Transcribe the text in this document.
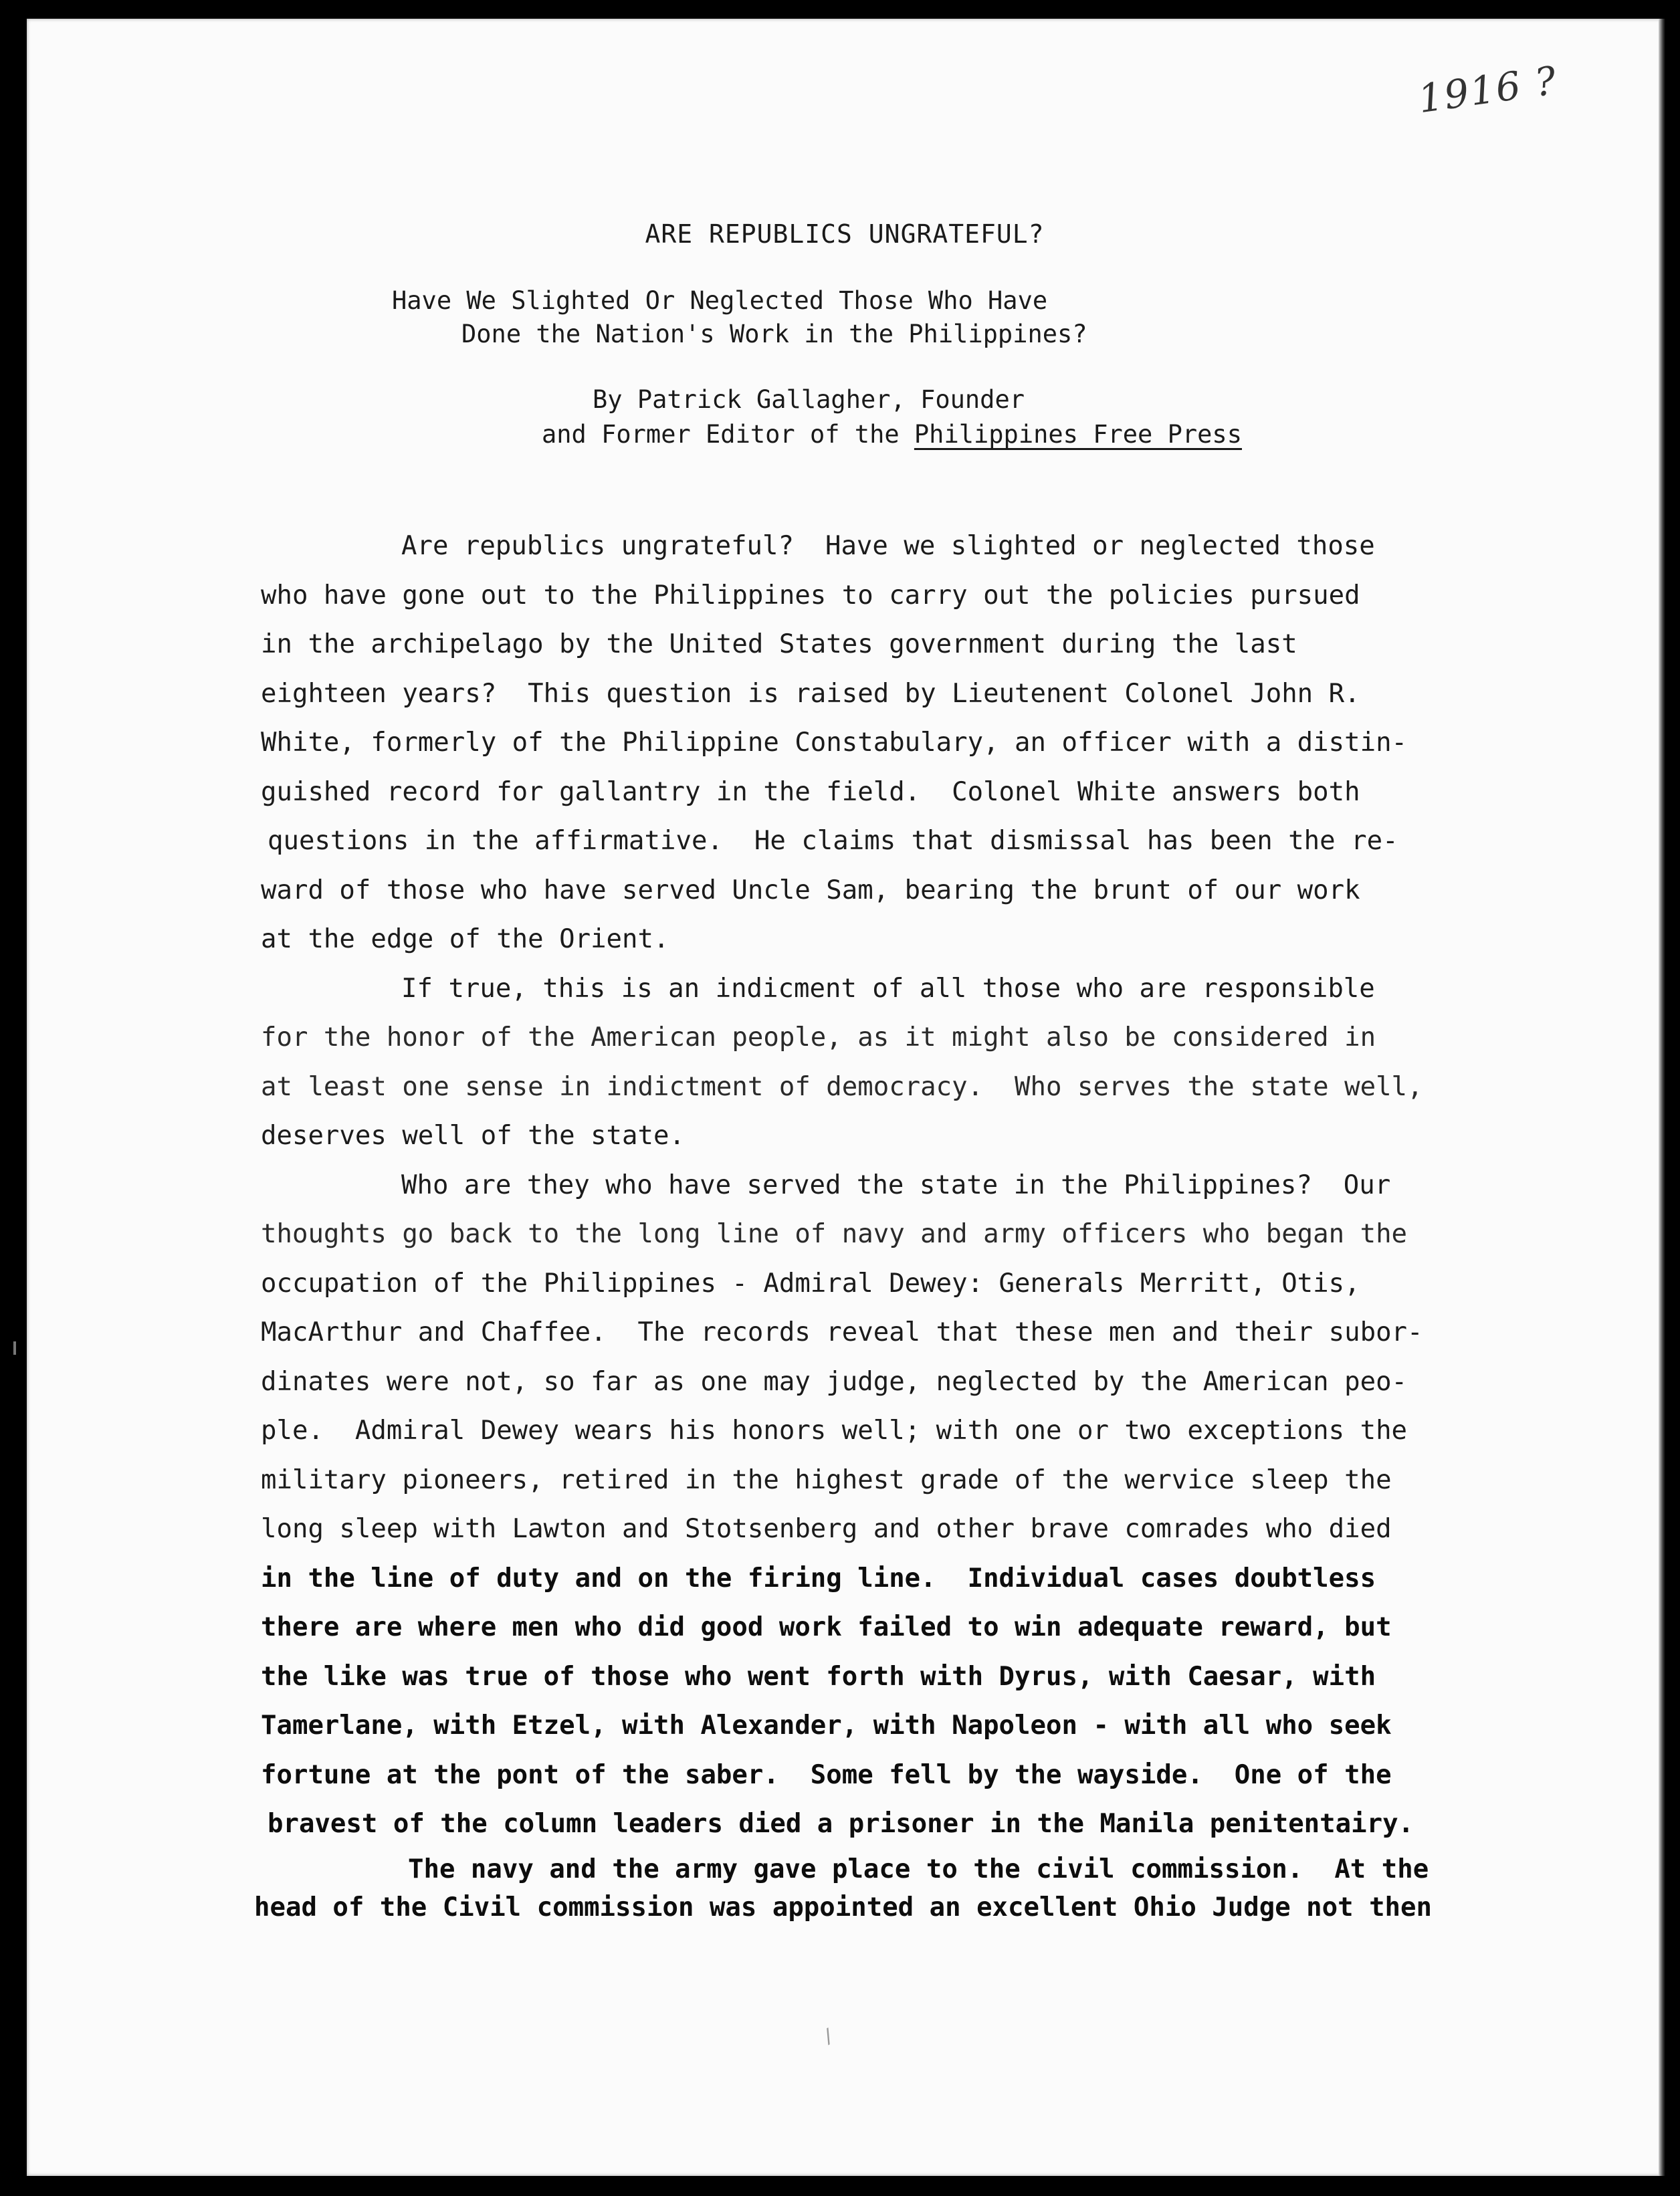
1916 ?
ARE REPUBLICS UNGRATEFUL?
Have We Slighted Or Neglected Those Who Have
Done the Nation's Work in the Philippines?
By Patrick Gallagher, Founder
and Former Editor of the Philippines Free Press
Are republics ungrateful?  Have we slighted or neglected those
who have gone out to the Philippines to carry out the policies pursued
in the archipelago by the United States government during the last
eighteen years?  This question is raised by Lieutenent Colonel John R.
White, formerly of the Philippine Constabulary, an officer with a distin-
guished record for gallantry in the field.  Colonel White answers both
questions in the affirmative.  He claims that dismissal has been the re-
ward of those who have served Uncle Sam, bearing the brunt of our work
at the edge of the Orient.
If true, this is an indicment of all those who are responsible
for the honor of the American people, as it might also be considered in
at least one sense in indictment of democracy.  Who serves the state well,
deserves well of the state.
Who are they who have served the state in the Philippines?  Our
thoughts go back to the long line of navy and army officers who began the
occupation of the Philippines - Admiral Dewey: Generals Merritt, Otis,
MacArthur and Chaffee.  The records reveal that these men and their subor-
dinates were not, so far as one may judge, neglected by the American peo-
ple.  Admiral Dewey wears his honors well; with one or two exceptions the
military pioneers, retired in the highest grade of the wervice sleep the
long sleep with Lawton and Stotsenberg and other brave comrades who died
in the line of duty and on the firing line.  Individual cases doubtless
there are where men who did good work failed to win adequate reward, but
the like was true of those who went forth with Dyrus, with Caesar, with
Tamerlane, with Etzel, with Alexander, with Napoleon - with all who seek
fortune at the pont of the saber.  Some fell by the wayside.  One of the
bravest of the column leaders died a prisoner in the Manila penitentairy.
The navy and the army gave place to the civil commission.  At the
head of the Civil commission was appointed an excellent Ohio Judge not then
/
